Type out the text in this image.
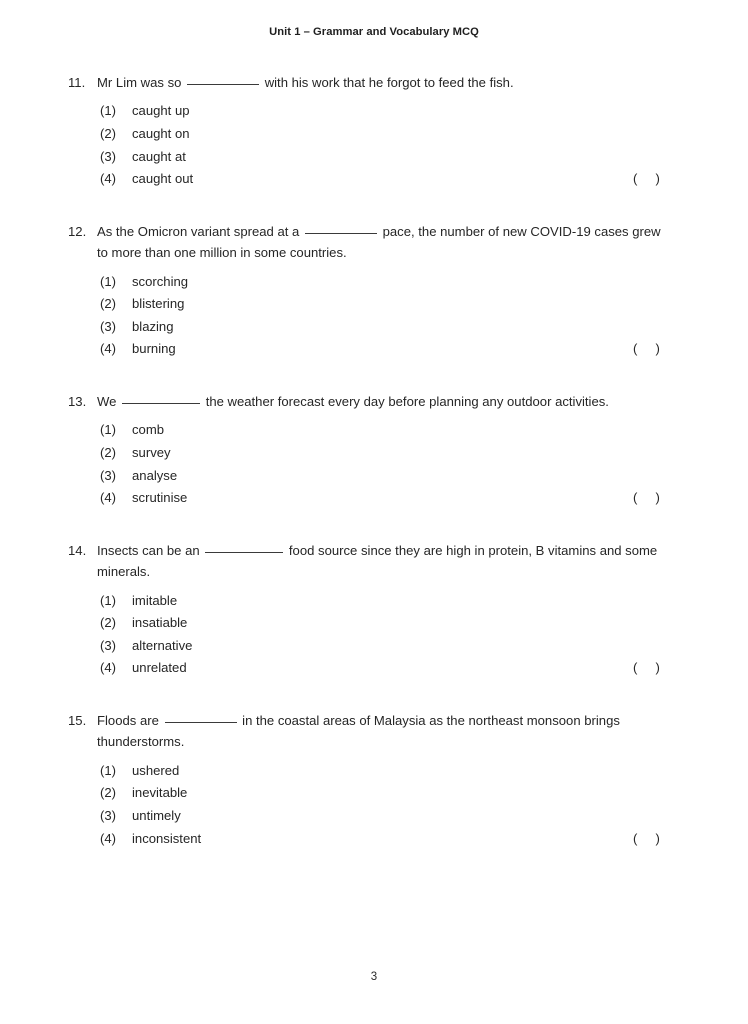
Unit 1 – Grammar and Vocabulary MCQ
11. Mr Lim was so	with his work that he forgot to feed the fish.
(1)	caught up
(2)	caught on
(3)	caught at
(4)	caught out	(     )
12. As the Omicron variant spread at a	pace, the number of new COVID-19 cases grew to more than one million in some countries.
(1)	scorching
(2)	blistering
(3)	blazing
(4)	burning	(     )
13. We	the weather forecast every day before planning any outdoor activities.
(1)	comb
(2)	survey
(3)	analyse
(4)	scrutinise	(     )
14. Insects can be an	food source since they are high in protein, B vitamins and some minerals.
(1)	imitable
(2)	insatiable
(3)	alternative
(4)	unrelated	(     )
15. Floods are	in the coastal areas of Malaysia as the northeast monsoon brings thunderstorms.
(1)	ushered
(2)	inevitable
(3)	untimely
(4)	inconsistent	(     )
3
